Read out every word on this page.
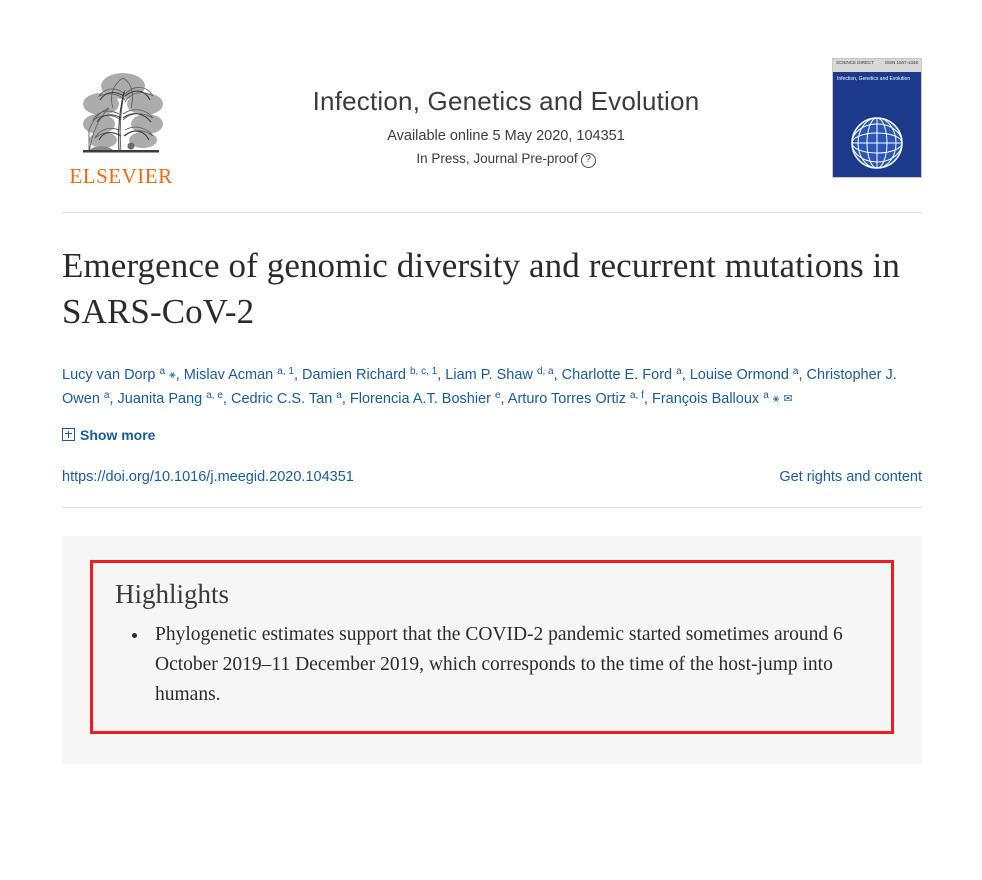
ELSEVIER
Infection, Genetics and Evolution
Available online 5 May 2020, 104351
In Press, Journal Pre-proof ?
SCIENCE DIRECT ISSN 1567-1348
Infection, Genetics and Evolution
Emergence of genomic diversity and recurrent mutations in SARS-CoV-2
Lucy van Dorp $^a$ ⚹, Mislav Acman $^{a, 1}$, Damien Richard $^{b, c, 1}$, Liam P. Shaw $^{d, a}$, Charlotte E. Ford $^a$, Louise Ormond $^a$, Christopher J. Owen $^a$, Juanita Pang $^{a, e}$, Cedric C.S. Tan $^a$, Florencia A.T. Boshier $^e$, Arturo Torres Ortiz $^{a, f}$, François Balloux $^a$ ⚹ ✉
Show more
https://doi.org/10.1016/j.meegid.2020.104351	Get rights and content
Highlights
• Phylogenetic estimates support that the COVID-2 pandemic started sometimes around 6 October 2019–11 December 2019, which corresponds to the time of the host-jump into humans.
